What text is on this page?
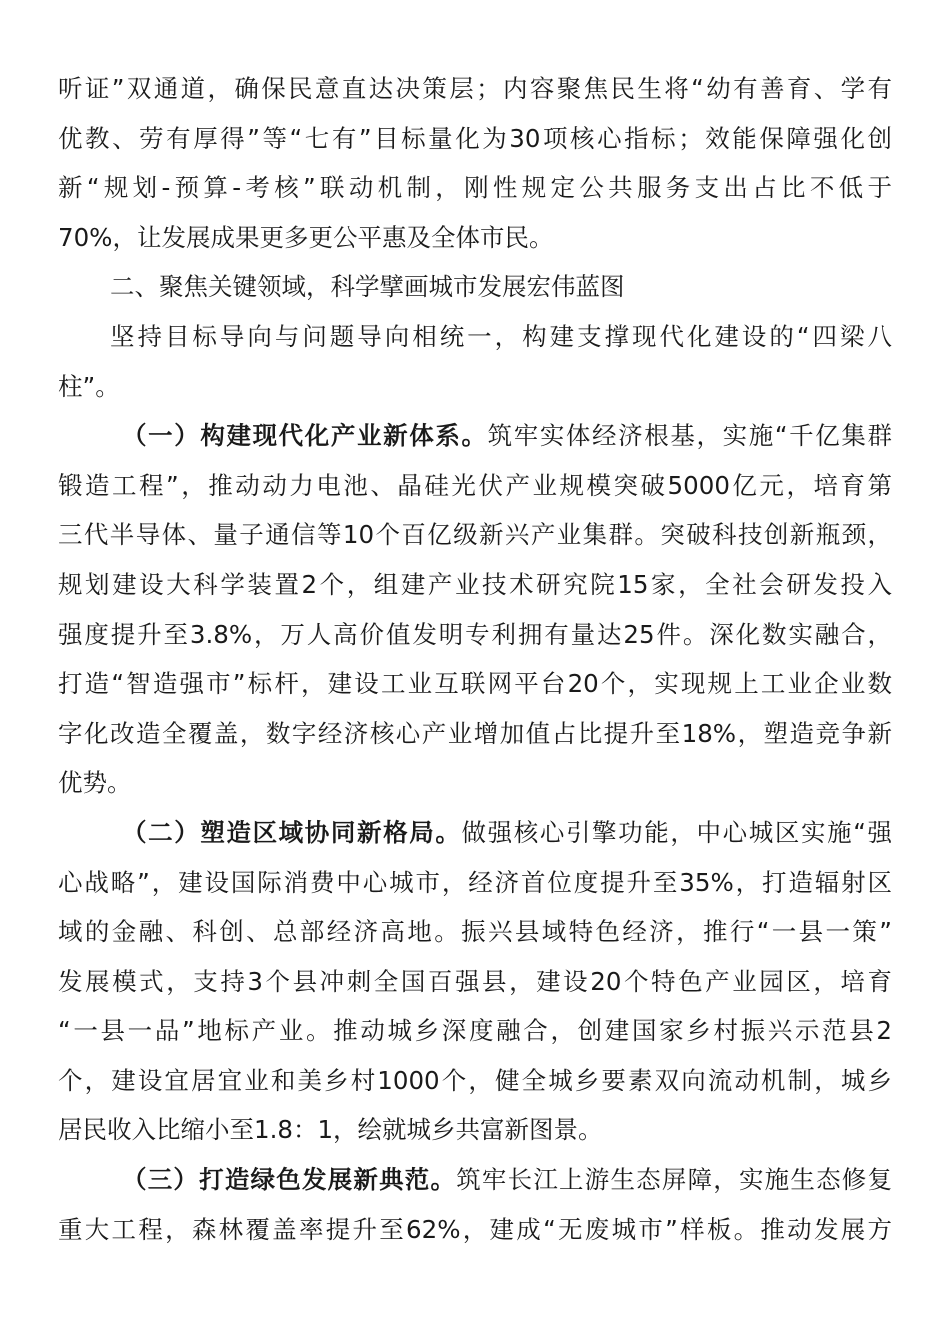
听证”双通道，确保民意直达决策层；内容聚焦民生将“幼有善育、学有
优教、劳有厚得”等“七有”目标量化为30项核心指标；效能保障强化创
新“规划-预算-考核”联动机制，刚性规定公共服务支出占比不低于
70%，让发展成果更多更公平惠及全体市民。
二、聚焦关键领域，科学擘画城市发展宏伟蓝图
坚持目标导向与问题导向相统一，构建支撑现代化建设的“四梁八
柱”。
（一）构建现代化产业新体系。筑牢实体经济根基，实施“千亿集群
锻造工程”，推动动力电池、晶硅光伏产业规模突破5000亿元，培育第
三代半导体、量子通信等10个百亿级新兴产业集群。突破科技创新瓶颈，
规划建设大科学装置2个，组建产业技术研究院15家，全社会研发投入
强度提升至3.8%，万人高价值发明专利拥有量达25件。深化数实融合，
打造“智造强市”标杆，建设工业互联网平台20个，实现规上工业企业数
字化改造全覆盖，数字经济核心产业增加值占比提升至18%，塑造竞争新
优势。
（二）塑造区域协同新格局。做强核心引擎功能，中心城区实施“强
心战略”，建设国际消费中心城市，经济首位度提升至35%，打造辐射区
域的金融、科创、总部经济高地。振兴县域特色经济，推行“一县一策”
发展模式，支持3个县冲刺全国百强县，建设20个特色产业园区，培育
“一县一品”地标产业。推动城乡深度融合，创建国家乡村振兴示范县2
个，建设宜居宜业和美乡村1000个，健全城乡要素双向流动机制，城乡
居民收入比缩小至1.8：1，绘就城乡共富新图景。
（三）打造绿色发展新典范。筑牢长江上游生态屏障，实施生态修复
重大工程，森林覆盖率提升至62%，建成“无废城市”样板。推动发展方
